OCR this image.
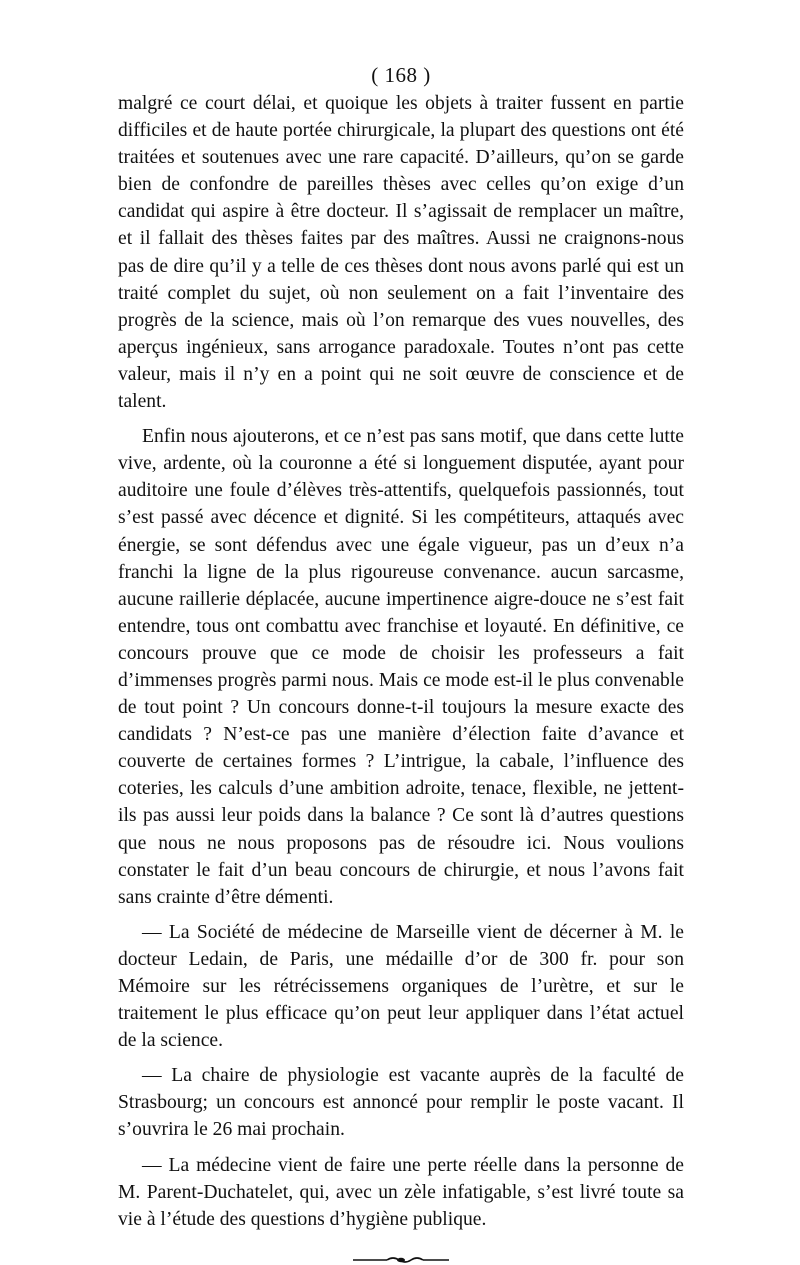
( 168 )

malgré ce court délai, et quoique les objets à traiter fussent en partie difficiles et de haute portée chirurgicale, la plupart des questions ont été traitées et soutenues avec une rare capacité. D’ailleurs, qu’on se garde bien de confondre de pareilles thèses avec celles qu’on exige d’un candidat qui aspire à être docteur. Il s’agissait de remplacer un maître, et il fallait des thèses faites par des maîtres. Aussi ne craignons-nous pas de dire qu’il y a telle de ces thèses dont nous avons parlé qui est un traité complet du sujet, où non seulement on a fait l’inventaire des progrès de la science, mais où l’on remarque des vues nouvelles, des aperçus ingénieux, sans arrogance paradoxale. Toutes n’ont pas cette valeur, mais il n’y en a point qui ne soit œuvre de conscience et de talent.

Enfin nous ajouterons, et ce n’est pas sans motif, que dans cette lutte vive, ardente, où la couronne a été si longuement disputée, ayant pour auditoire une foule d’élèves très-attentifs, quelquefois passionnés, tout s’est passé avec décence et dignité. Si les compétiteurs, attaqués avec énergie, se sont défendus avec une égale vigueur, pas un d’eux n’a franchi la ligne de la plus rigoureuse convenance. aucun sarcasme, aucune raillerie déplacée, aucune impertinence aigre-douce ne s’est fait entendre, tous ont combattu avec franchise et loyauté. En définitive, ce concours prouve que ce mode de choisir les professeurs a fait d’immenses progrès parmi nous. Mais ce mode est-il le plus convenable de tout point ? Un concours donne-t-il toujours la mesure exacte des candidats ? N’est-ce pas une manière d’élection faite d’avance et couverte de certaines formes ? L’intrigue, la cabale, l’influence des coteries, les calculs d’une ambition adroite, tenace, flexible, ne jettent-ils pas aussi leur poids dans la balance ? Ce sont là d’autres questions que nous ne nous proposons pas de résoudre ici. Nous voulions constater le fait d’un beau concours de chirurgie, et nous l’avons fait sans crainte d’être démenti.

— La Société de médecine de Marseille vient de décerner à M. le docteur Ledain, de Paris, une médaille d’or de 300 fr. pour son Mémoire sur les rétrécissemens organiques de l’urètre, et sur le traitement le plus efficace qu’on peut leur appliquer dans l’état actuel de la science.

— La chaire de physiologie est vacante auprès de la faculté de Strasbourg; un concours est annoncé pour remplir le poste vacant. Il s’ouvrira le 26 mai prochain.

— La médecine vient de faire une perte réelle dans la personne de M. Parent-Duchatelet, qui, avec un zèle infatigable, s’est livré toute sa vie à l’étude des questions d’hygiène publique.
